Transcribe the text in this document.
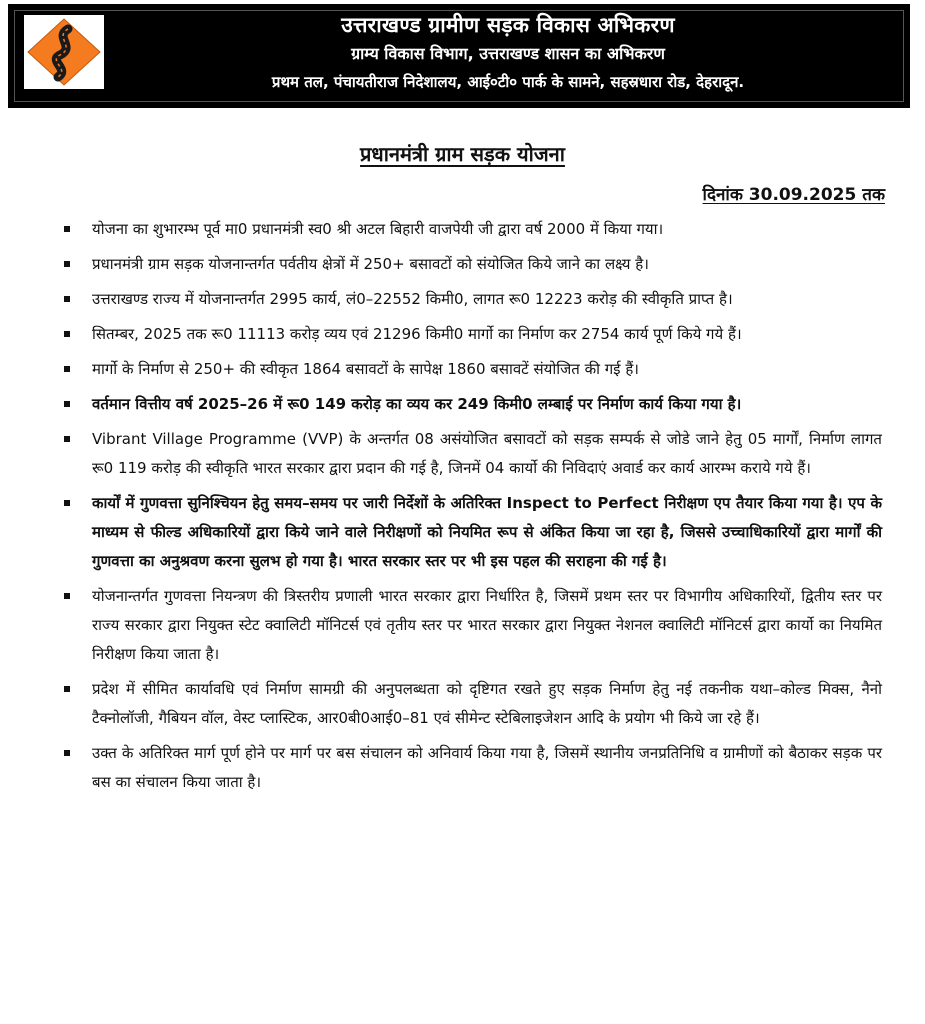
उत्तराखण्ड ग्रामीण सड़क विकास अभिकरण
ग्राम्य विकास विभाग, उत्तराखण्ड शासन का अभिकरण
प्रथम तल, पंचायतीराज निदेशालय, आई०टी० पार्क के सामने, सहस्रधारा रोड, देहरादून.
प्रधानमंत्री ग्राम सड़क योजना
दिनांक 30.09.2025 तक
योजना का शुभारम्भ पूर्व मा0 प्रधानमंत्री स्व0 श्री अटल बिहारी वाजपेयी जी द्वारा वर्ष 2000 में किया गया।
प्रधानमंत्री ग्राम सड़क योजनान्तर्गत पर्वतीय क्षेत्रों में 250+ बसावटों को संयोजित किये जाने का लक्ष्य है।
उत्तराखण्ड राज्य में योजनान्तर्गत 2995 कार्य, लं0–22552 किमी0, लागत रू0 12223 करोड़ की स्वीकृति प्राप्त है।
सितम्बर, 2025 तक रू0 11113 करोड़ व्यय एवं 21296 किमी0 मार्गो का निर्माण कर 2754 कार्य पूर्ण किये गये हैं।
मार्गो के निर्माण से 250+ की स्वीकृत 1864 बसावटों के सापेक्ष 1860 बसावटें संयोजित की गई हैं।
वर्तमान वित्तीय वर्ष 2025–26 में रू0 149 करोड़ का व्यय कर 249 किमी0 लम्बाई पर निर्माण कार्य किया गया है।
Vibrant Village Programme (VVP) के अन्तर्गत 08 असंयोजित बसावटों को सड़क सम्पर्क से जोडे जाने हेतु 05 मार्गों, निर्माण लागत रू0 119 करोड़ की स्वीकृति भारत सरकार द्वारा प्रदान की गई है, जिनमें 04 कार्यो की निविदाएं अवार्ड कर कार्य आरम्भ कराये गये हैं।
कार्यों में गुणवत्ता सुनिश्चियन हेतु समय–समय पर जारी निर्देशों के अतिरिक्त Inspect to Perfect निरीक्षण एप तैयार किया गया है। एप के माध्यम से फील्ड अधिकारियों द्वारा किये जाने वाले निरीक्षणों को नियमित रूप से अंकित किया जा रहा है, जिससे उच्चाधिकारियों द्वारा मार्गों की गुणवत्ता का अनुश्रवण करना सुलभ हो गया है। भारत सरकार स्तर पर भी इस पहल की सराहना की गई है।
योजनान्तर्गत गुणवत्ता नियन्त्रण की त्रिस्तरीय प्रणाली भारत सरकार द्वारा निर्धारित है, जिसमें प्रथम स्तर पर विभागीय अधिकारियों, द्वितीय स्तर पर राज्य सरकार द्वारा नियुक्त स्टेट क्वालिटी मॉनिटर्स एवं तृतीय स्तर पर भारत सरकार द्वारा नियुक्त नेशनल क्वालिटी मॉनिटर्स द्वारा कार्यो का नियमित निरीक्षण किया जाता है।
प्रदेश में सीमित कार्यावधि एवं निर्माण सामग्री की अनुपलब्धता को दृष्टिगत रखते हुए सड़क निर्माण हेतु नई तकनीक यथा–कोल्ड मिक्स, नैनो टैक्नोलॉजी, गैबियन वॉल, वेस्ट प्लास्टिक, आर0बी0आई0–81 एवं सीमेन्ट स्टेबिलाइजेशन आदि के प्रयोग भी किये जा रहे हैं।
उक्त के अतिरिक्त मार्ग पूर्ण होने पर मार्ग पर बस संचालन को अनिवार्य किया गया है, जिसमें स्थानीय जनप्रतिनिधि व ग्रामीणों को बैठाकर सड़क पर बस का संचालन किया जाता है।
